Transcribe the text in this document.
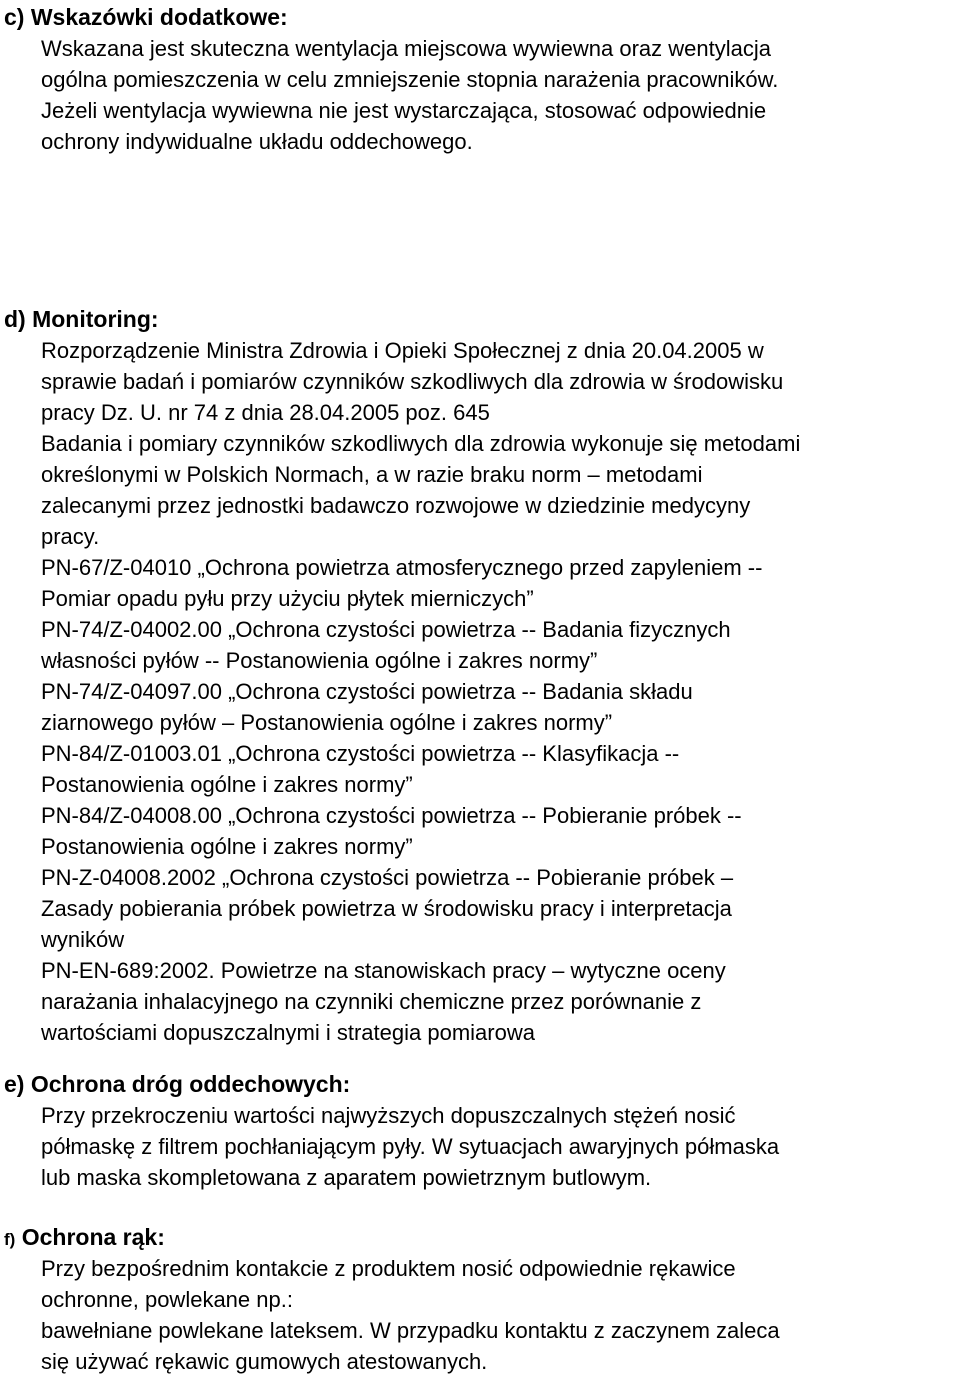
c) Wskazówki dodatkowe:
Wskazana jest skuteczna wentylacja miejscowa wywiewna oraz wentylacja
ogólna pomieszczenia w celu zmniejszenie stopnia narażenia pracowników.
Jeżeli wentylacja wywiewna nie jest wystarczająca, stosować odpowiednie
ochrony indywidualne układu oddechowego.
d) Monitoring:
Rozporządzenie Ministra Zdrowia i Opieki Społecznej z dnia 20.04.2005 w
sprawie badań i pomiarów czynników szkodliwych dla zdrowia w środowisku
pracy Dz. U. nr 74 z dnia 28.04.2005 poz. 645
Badania i pomiary czynników szkodliwych dla zdrowia wykonuje się metodami
określonymi w Polskich Normach, a w razie braku norm – metodami
zalecanymi przez jednostki badawczo rozwojowe w dziedzinie medycyny
pracy.
PN-67/Z-04010 „Ochrona powietrza atmosferycznego przed zapyleniem --
Pomiar opadu pyłu przy użyciu płytek mierniczych”
PN-74/Z-04002.00 „Ochrona czystości powietrza -- Badania fizycznych
własności pyłów -- Postanowienia ogólne i zakres normy”
PN-74/Z-04097.00 „Ochrona czystości powietrza -- Badania składu
ziarnowego pyłów – Postanowienia ogólne i zakres normy”
PN-84/Z-01003.01 „Ochrona czystości powietrza -- Klasyfikacja --
Postanowienia ogólne i zakres normy”
PN-84/Z-04008.00 „Ochrona czystości powietrza -- Pobieranie próbek --
Postanowienia ogólne i zakres normy”
PN-Z-04008.2002 „Ochrona czystości powietrza -- Pobieranie próbek –
Zasady pobierania próbek powietrza w środowisku pracy i interpretacja
wyników
PN-EN-689:2002. Powietrze na stanowiskach pracy – wytyczne oceny
narażania inhalacyjnego na czynniki chemiczne przez porównanie z
wartościami dopuszczalnymi i strategia pomiarowa
e) Ochrona dróg oddechowych:
Przy przekroczeniu wartości najwyższych dopuszczalnych stężeń nosić
półmaskę z filtrem pochłaniającym pyły. W sytuacjach awaryjnych półmaska
lub maska skompletowana z aparatem powietrznym butlowym.
f) Ochrona rąk:
Przy bezpośrednim kontakcie z produktem nosić odpowiednie rękawice
ochronne, powlekane np.:
bawełniane powlekane lateksem. W przypadku kontaktu z zaczynem zaleca
się używać rękawic gumowych atestowanych.
